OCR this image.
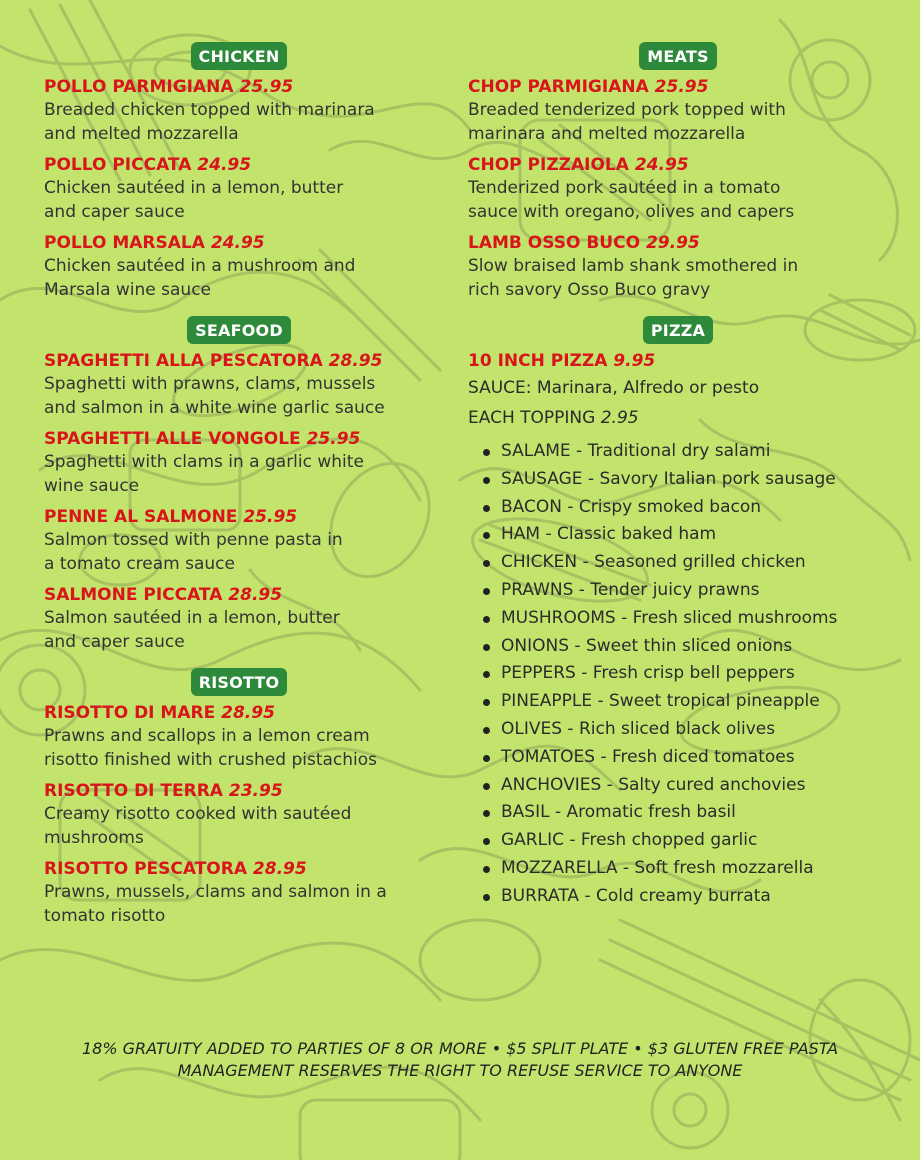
CHICKEN
POLLO PARMIGIANA 25.95
Breaded chicken topped with marinara
and melted mozzarella
POLLO PICCATA 24.95
Chicken sautéed in a lemon, butter
and caper sauce
POLLO MARSALA 24.95
Chicken sautéed in a mushroom and
Marsala wine sauce
SEAFOOD
SPAGHETTI ALLA PESCATORA 28.95
Spaghetti with prawns, clams, mussels
and salmon in a white wine garlic sauce
SPAGHETTI ALLE VONGOLE 25.95
Spaghetti with clams in a garlic white
wine sauce
PENNE AL SALMONE 25.95
Salmon tossed with penne pasta in
a tomato cream sauce
SALMONE PICCATA 28.95
Salmon sautéed in a lemon, butter
and caper sauce
RISOTTO
RISOTTO DI MARE 28.95
Prawns and scallops in a lemon cream
risotto finished with crushed pistachios
RISOTTO DI TERRA 23.95
Creamy risotto cooked with sautéed
mushrooms
RISOTTO PESCATORA 28.95
Prawns, mussels, clams and salmon in a
tomato risotto
MEATS
CHOP PARMIGIANA 25.95
Breaded tenderized pork topped with
marinara and melted mozzarella
CHOP PIZZAIOLA 24.95
Tenderized pork sautéed in a tomato
sauce with oregano, olives and capers
LAMB OSSO BUCO 29.95
Slow braised lamb shank smothered in
rich savory Osso Buco gravy
PIZZA
10 INCH PIZZA 9.95
SAUCE: Marinara, Alfredo or pesto
EACH TOPPING 2.95
SALAME - Traditional dry salami
SAUSAGE - Savory Italian pork sausage
BACON - Crispy smoked bacon
HAM - Classic baked ham
CHICKEN - Seasoned grilled chicken
PRAWNS - Tender juicy prawns
MUSHROOMS - Fresh sliced mushrooms
ONIONS - Sweet thin sliced onions
PEPPERS - Fresh crisp bell peppers
PINEAPPLE - Sweet tropical pineapple
OLIVES - Rich sliced black olives
TOMATOES - Fresh diced tomatoes
ANCHOVIES - Salty cured anchovies
BASIL - Aromatic fresh basil
GARLIC - Fresh chopped garlic
MOZZARELLA - Soft fresh mozzarella
BURRATA - Cold creamy burrata
18% GRATUITY ADDED TO PARTIES OF 8 OR MORE • $5 SPLIT PLATE • $3 GLUTEN FREE PASTA
MANAGEMENT RESERVES THE RIGHT TO REFUSE SERVICE TO ANYONE
